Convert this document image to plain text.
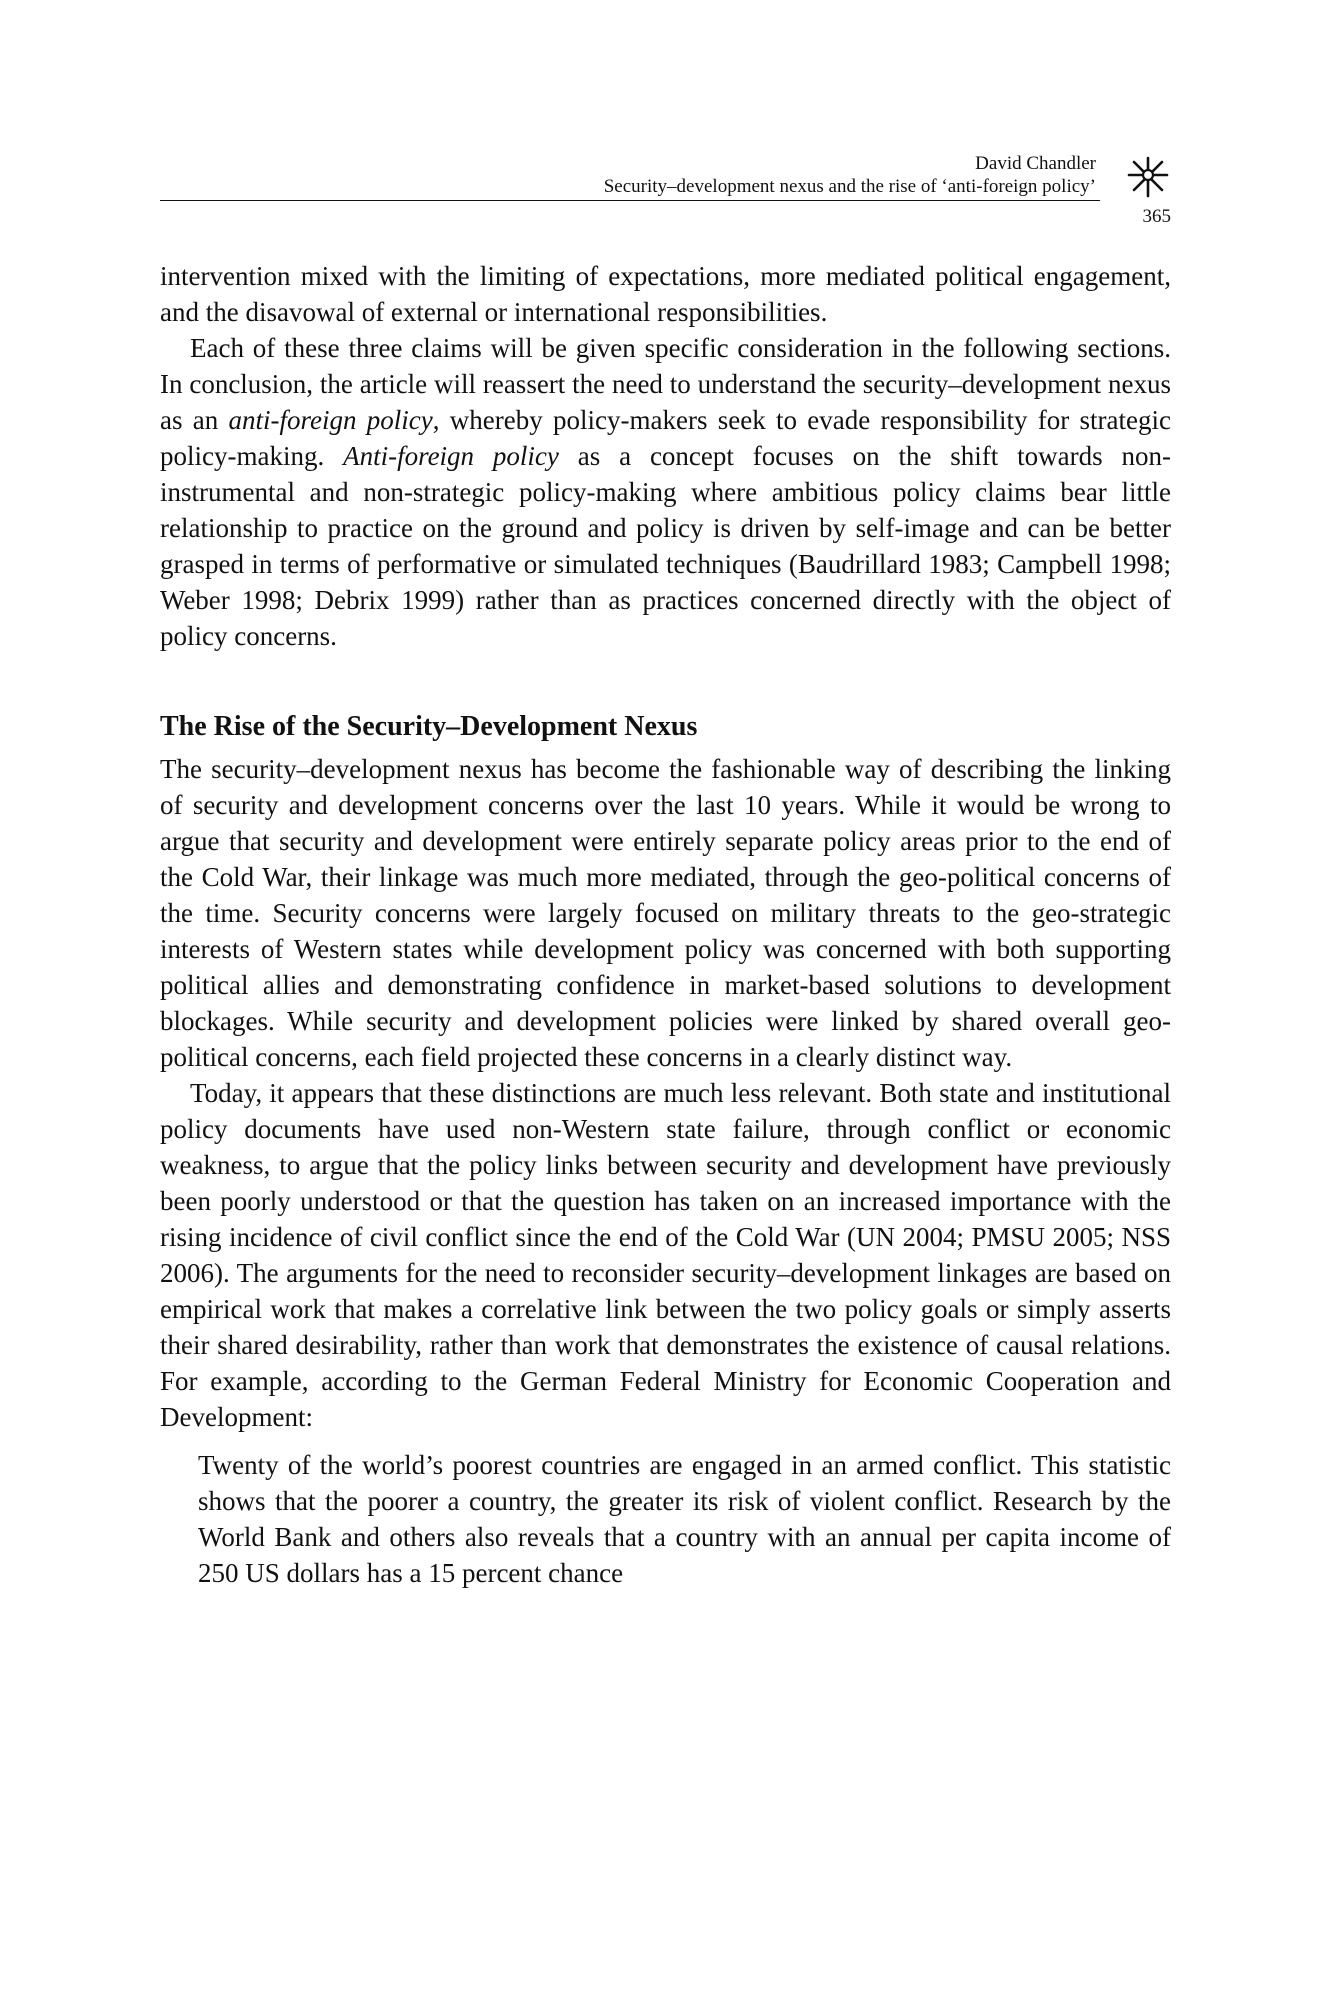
David Chandler
Security–development nexus and the rise of ‘anti-foreign policy’
365

intervention mixed with the limiting of expectations, more mediated political engagement, and the disavowal of external or international responsibilities.

Each of these three claims will be given specific consideration in the following sections. In conclusion, the article will reassert the need to understand the security–development nexus as an anti-foreign policy, whereby policy-makers seek to evade responsibility for strategic policy-making. Anti-foreign policy as a concept focuses on the shift towards non-instrumental and non-strategic policy-making where ambitious policy claims bear little relationship to practice on the ground and policy is driven by self-image and can be better grasped in terms of performative or simulated techniques (Baudrillard 1983; Campbell 1998; Weber 1998; Debrix 1999) rather than as practices concerned directly with the object of policy concerns.

The Rise of the Security–Development Nexus

The security–development nexus has become the fashionable way of describing the linking of security and development concerns over the last 10 years. While it would be wrong to argue that security and development were entirely separate policy areas prior to the end of the Cold War, their linkage was much more mediated, through the geo-political concerns of the time. Security concerns were largely focused on military threats to the geo-strategic interests of Western states while development policy was concerned with both supporting political allies and demonstrating confidence in market-based solutions to development blockages. While security and development policies were linked by shared overall geo-political concerns, each field projected these concerns in a clearly distinct way.

Today, it appears that these distinctions are much less relevant. Both state and institutional policy documents have used non-Western state failure, through conflict or economic weakness, to argue that the policy links between security and development have previously been poorly understood or that the question has taken on an increased importance with the rising incidence of civil conflict since the end of the Cold War (UN 2004; PMSU 2005; NSS 2006). The arguments for the need to reconsider security–development linkages are based on empirical work that makes a correlative link between the two policy goals or simply asserts their shared desirability, rather than work that demonstrates the existence of causal relations. For example, according to the German Federal Ministry for Economic Cooperation and Development:

Twenty of the world’s poorest countries are engaged in an armed conflict. This statistic shows that the poorer a country, the greater its risk of violent conflict. Research by the World Bank and others also reveals that a country with an annual per capita income of 250 US dollars has a 15 percent chance
